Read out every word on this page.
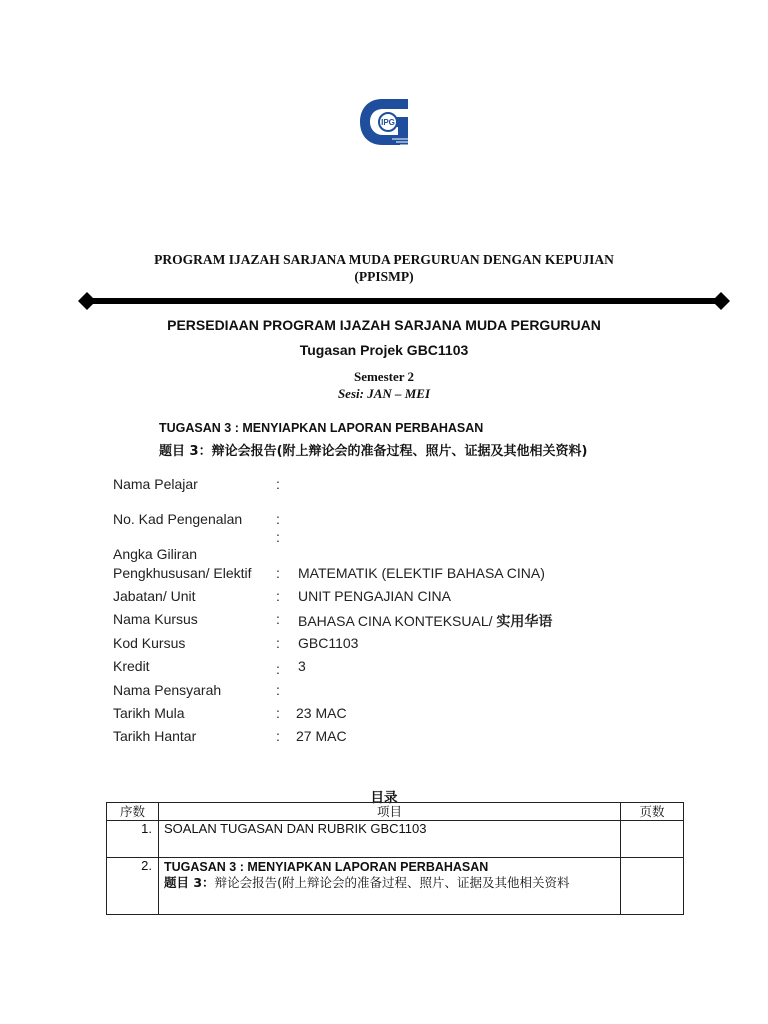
IPG
PROGRAM IJAZAH SARJANA MUDA PERGURUAN DENGAN KEPUJIAN
(PPISMP)
PERSEDIAAN PROGRAM IJAZAH SARJANA MUDA PERGURUAN
Tugasan Projek GBC1103
Semester 2
Sesi: JAN – MEI
TUGASAN 3 : MENYIAPKAN LAPORAN PERBAHASAN
题目 3：辩论会报告(附上辩论会的准备过程、照片、证据及其他相关资料)
Nama Pelajar	:
No. Kad Pengenalan :
:
Angka Giliran
Pengkhususan/ Elektif : MATEMATIK (ELEKTIF BAHASA CINA)
Jabatan/ Unit	: UNIT PENGAJIAN CINA
Nama Kursus	: BAHASA CINA KONTEKSUAL/ 实用华语
Kod Kursus	: GBC1103
Kredit	: 3
Nama Pensyarah	:
Tarikh Mula	: 23 MAC
Tarikh Hantar	: 27 MAC
目录
序数	项目	页数
1.	SOALAN TUGASAN DAN RUBRIK GBC1103	
2.	TUGASAN 3 : MENYIAPKAN LAPORAN PERBAHASAN
题目 3：辩论会报告(附上辩论会的准备过程、照片、证据及其他相关资料	
